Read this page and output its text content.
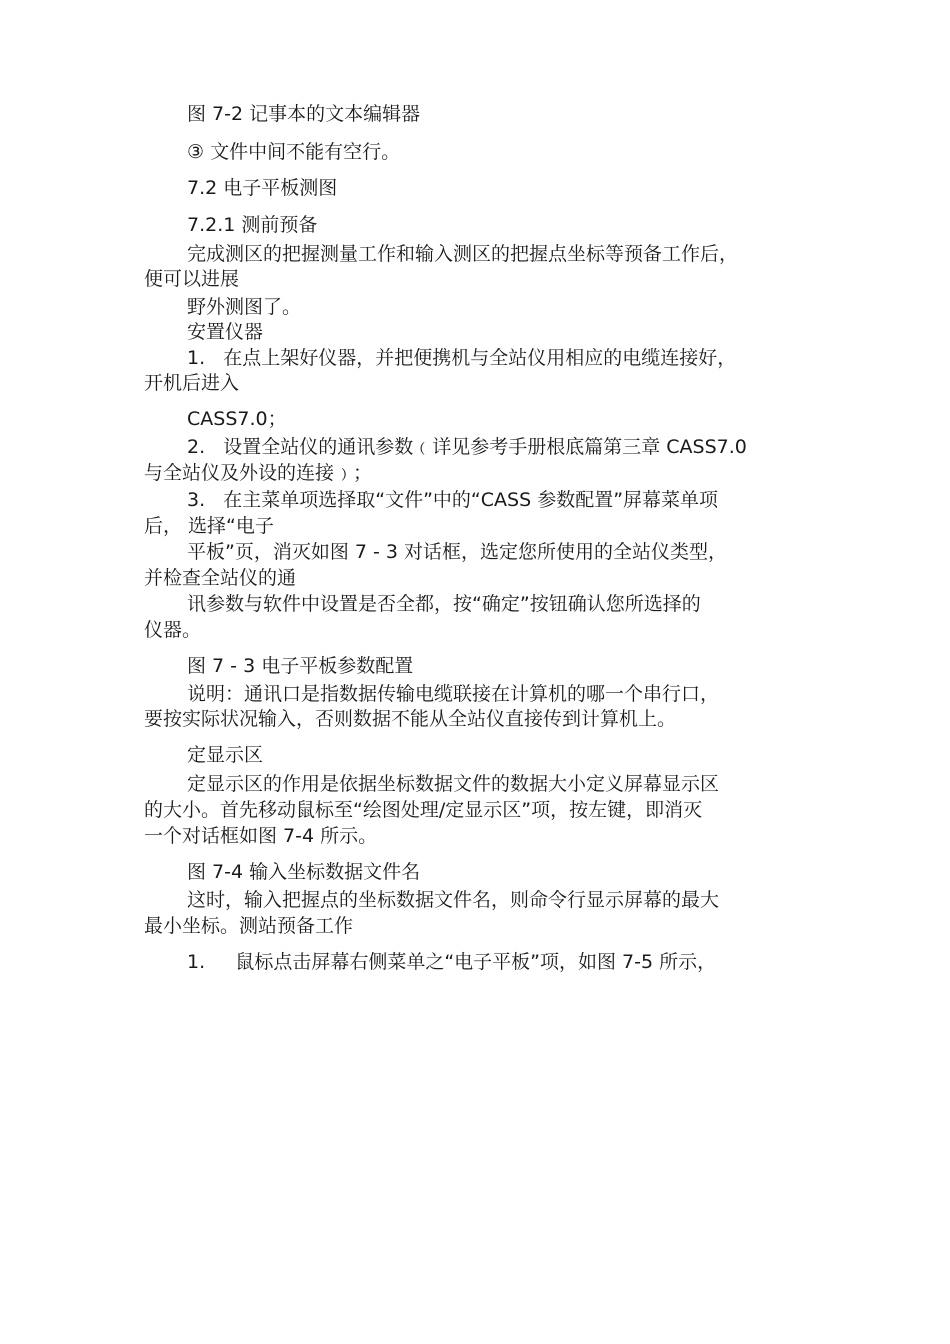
图 7-2 记事本的文本编辑器
③ 文件中间不能有空行。
7.2 电子平板测图
7.2.1 测前预备
完成测区的把握测量工作和输入测区的把握点坐标等预备工作后，
便可以进展
野外测图了。
安置仪器
1.   在点上架好仪器，并把便携机与全站仪用相应的电缆连接好，
开机后进入
CASS7.0；
2.   设置全站仪的通讯参数﹙详见参考手册根底篇第三章 CASS7.0
与全站仪及外设的连接﹚；
3.   在主菜单项选择取“文件”中的“CASS 参数配置”屏幕菜单项
后， 选择“电子
平板”页，消灭如图 7 - 3 对话框，选定您所使用的全站仪类型，
并检查全站仪的通
讯参数与软件中设置是否全都，按“确定”按钮确认您所选择的
仪器。
图 7 - 3 电子平板参数配置
说明：通讯口是指数据传输电缆联接在计算机的哪一个串行口，
要按实际状况输入，否则数据不能从全站仪直接传到计算机上。
定显示区
定显示区的作用是依据坐标数据文件的数据大小定义屏幕显示区
的大小。首先移动鼠标至“绘图处理/定显示区”项，按左键，即消灭
一个对话框如图 7-4 所示。
图 7-4 输入坐标数据文件名
这时，输入把握点的坐标数据文件名，则命令行显示屏幕的最大
最小坐标。测站预备工作
1.     鼠标点击屏幕右侧菜单之“电子平板”项，如图 7-5 所示，
